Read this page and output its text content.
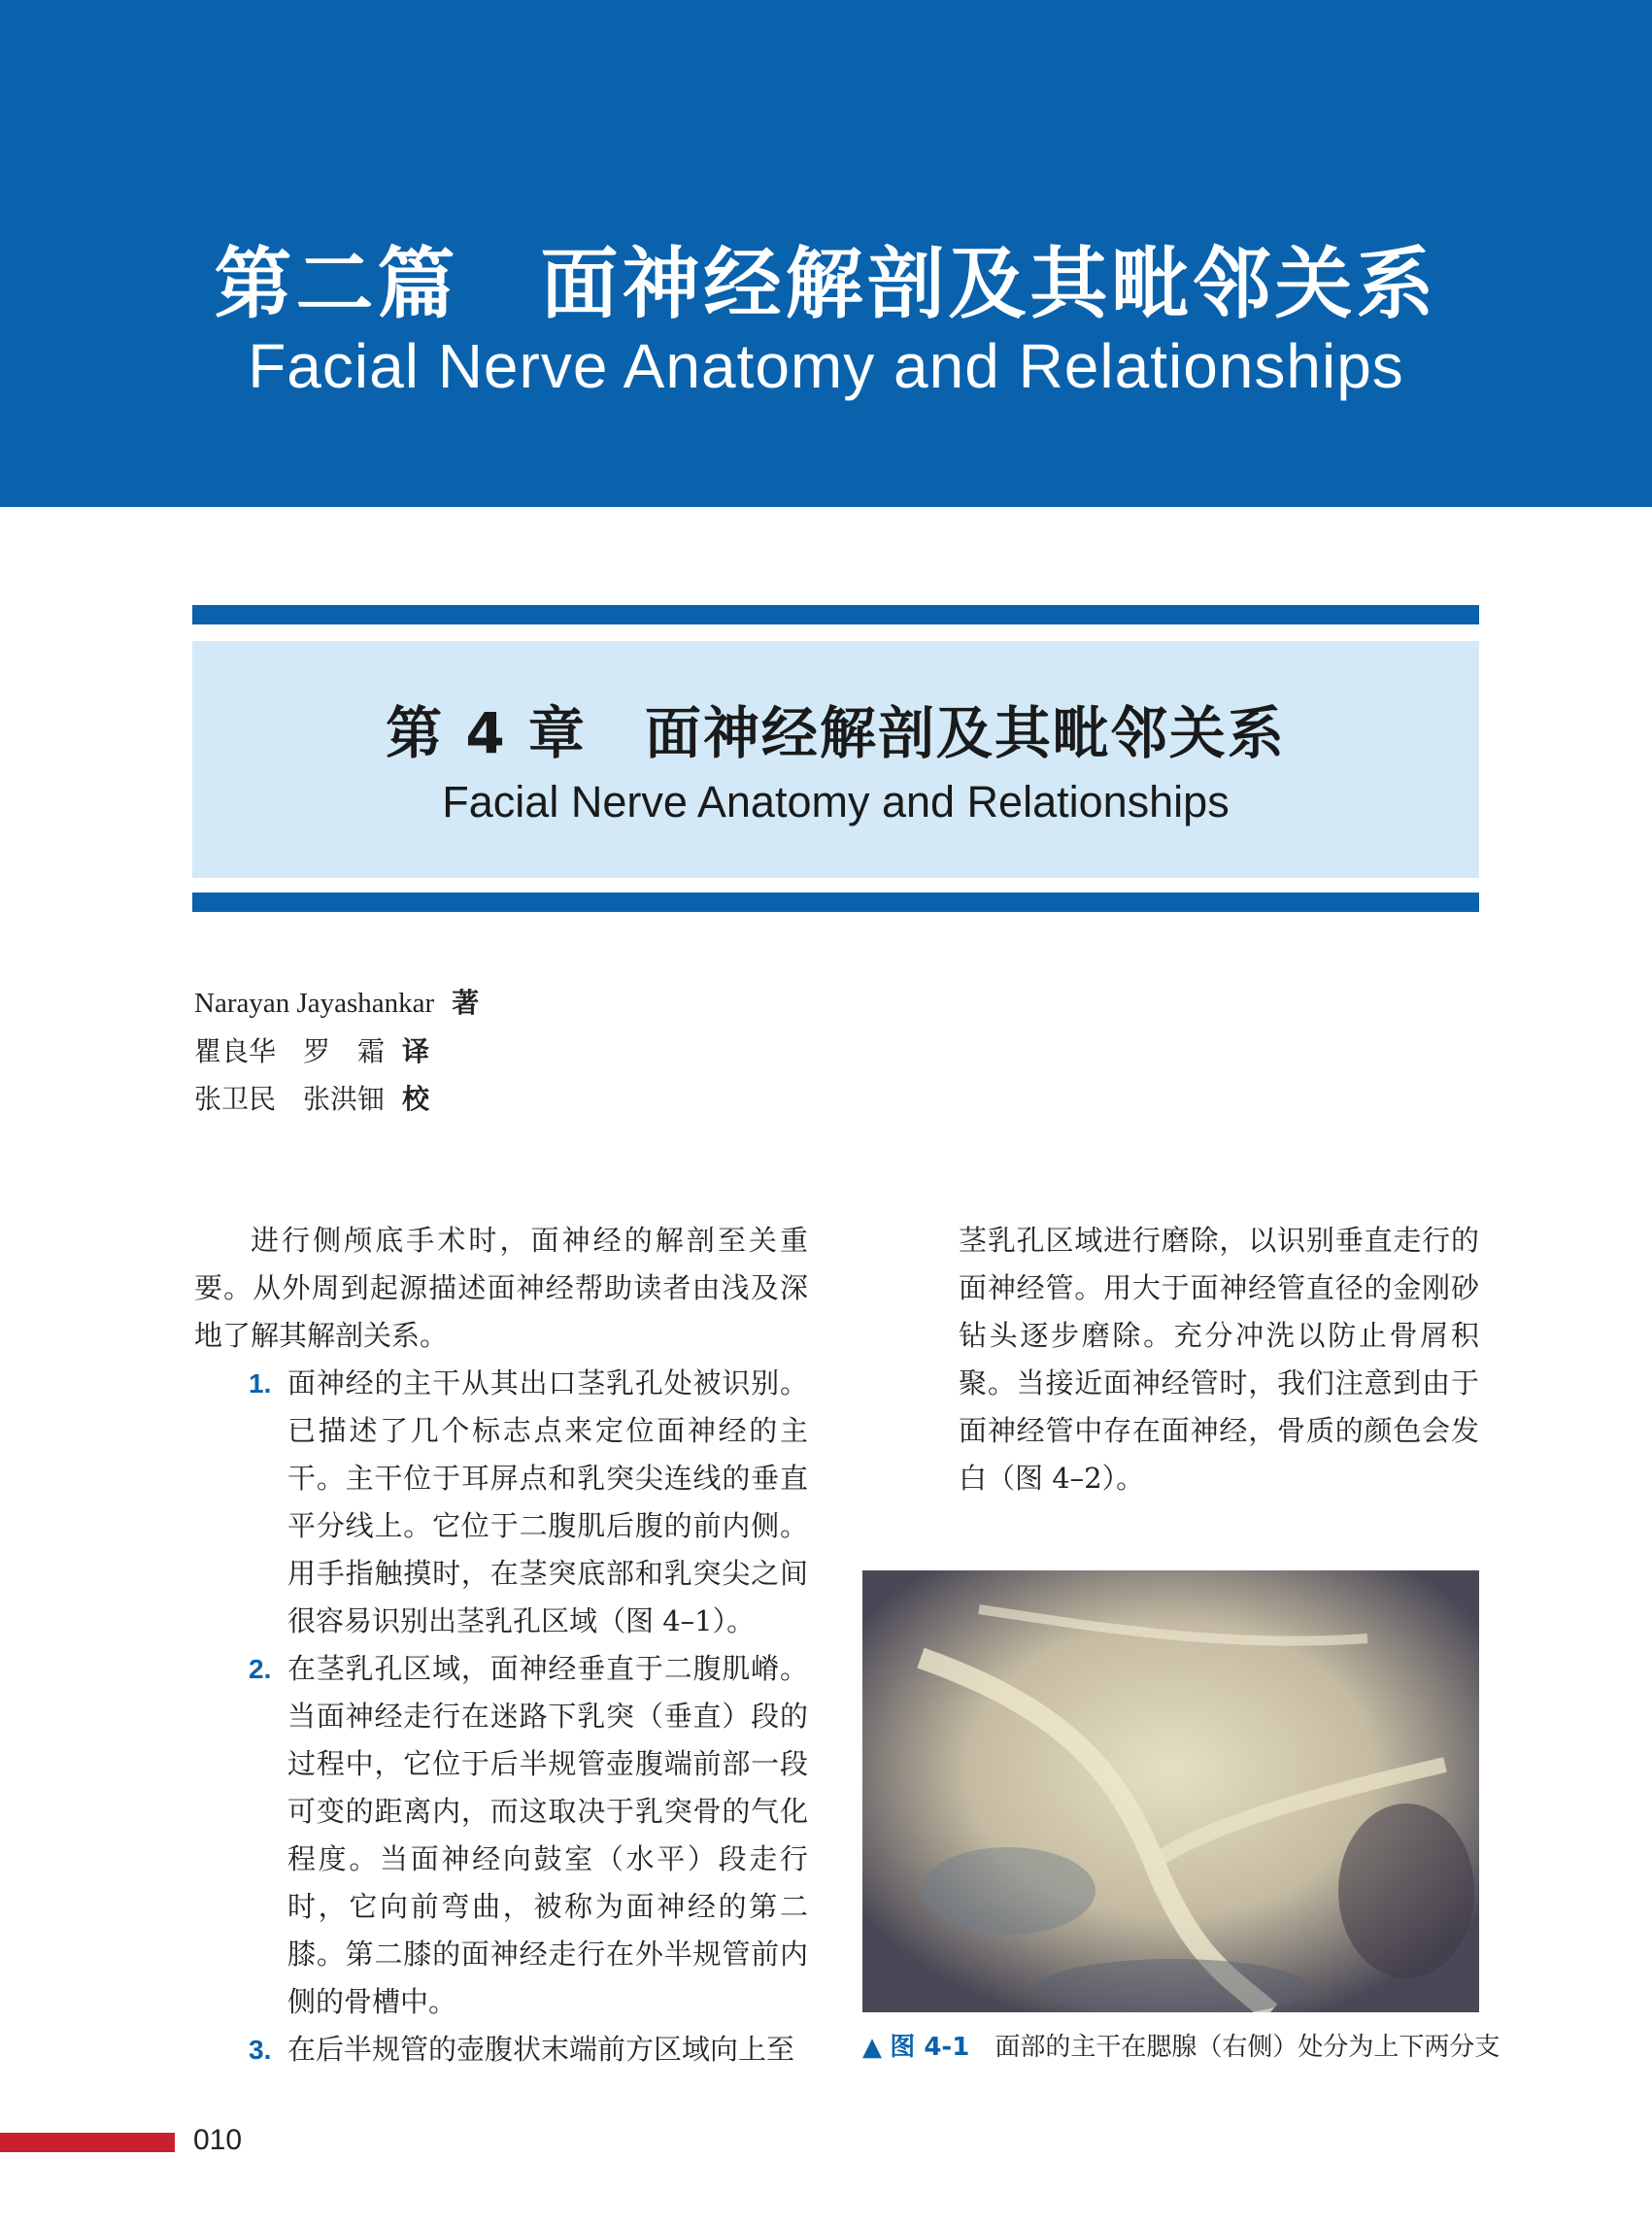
第二篇　面神经解剖及其毗邻关系
Facial Nerve Anatomy and Relationships
第 4 章　面神经解剖及其毗邻关系
Facial Nerve Anatomy and Relationships
Narayan Jayashankar 著
瞿良华　罗　霜 译
张卫民　张洪钿 校

进行侧颅底手术时，面神经的解剖至关重要。从外周到起源描述面神经帮助读者由浅及深地了解其解剖关系。

1. 面神经的主干从其出口茎乳孔处被识别。已描述了几个标志点来定位面神经的主干。主干位于耳屏点和乳突尖连线的垂直平分线上。它位于二腹肌后腹的前内侧。用手指触摸时，在茎突底部和乳突尖之间很容易识别出茎乳孔区域（图 4–1）。
2. 在茎乳孔区域，面神经垂直于二腹肌嵴。当面神经走行在迷路下乳突（垂直）段的过程中，它位于后半规管壶腹端前部一段可变的距离内，而这取决于乳突骨的气化程度。当面神经向鼓室（水平）段走行时，它向前弯曲，被称为面神经的第二膝。第二膝的面神经走行在外半规管前内侧的骨槽中。
3. 在后半规管的壶腹状末端前方区域向上至

茎乳孔区域进行磨除，以识别垂直走行的面神经管。用大于面神经管直径的金刚砂钻头逐步磨除。充分冲洗以防止骨屑积聚。当接近面神经管时，我们注意到由于面神经管中存在面神经，骨质的颜色会发白（图 4–2）。

▲ 图 4-1　 面部的主干在腮腺（右侧）处分为上下两分支
010
